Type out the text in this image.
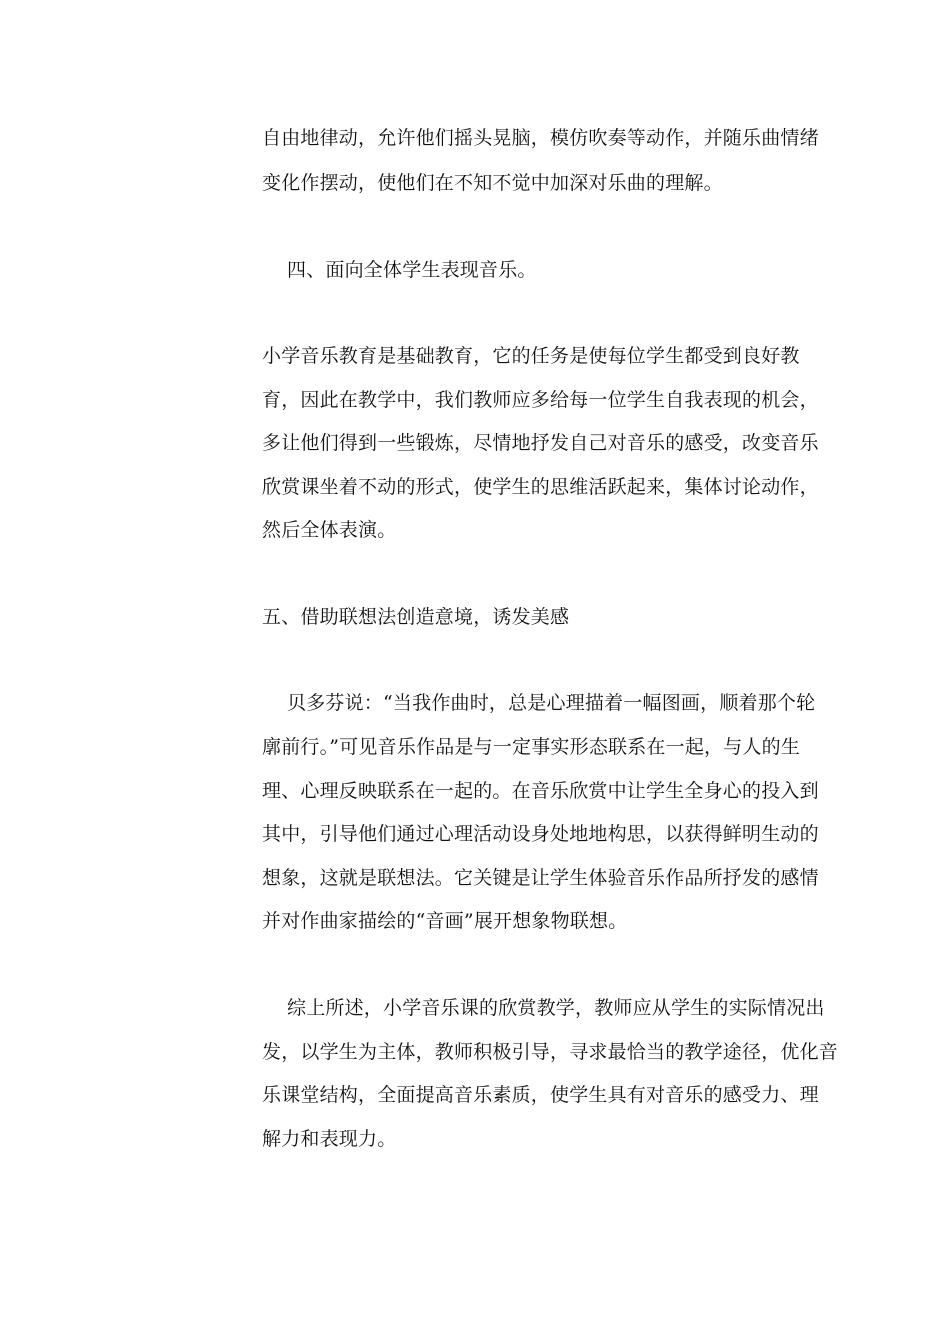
自由地律动，允许他们摇头晃脑，模仿吹奏等动作，并随乐曲情绪
变化作摆动，使他们在不知不觉中加深对乐曲的理解。
四、面向全体学生表现音乐。
小学音乐教育是基础教育，它的任务是使每位学生都受到良好教
育，因此在教学中，我们教师应多给每一位学生自我表现的机会，
多让他们得到一些锻炼，尽情地抒发自己对音乐的感受，改变音乐
欣赏课坐着不动的形式，使学生的思维活跃起来，集体讨论动作，
然后全体表演。
五、借助联想法创造意境，诱发美感
贝多芬说：“当我作曲时，总是心理描着一幅图画，顺着那个轮
廓前行。”可见音乐作品是与一定事实形态联系在一起，与人的生
理、心理反映联系在一起的。在音乐欣赏中让学生全身心的投入到
其中，引导他们通过心理活动设身处地地构思，以获得鲜明生动的
想象，这就是联想法。它关键是让学生体验音乐作品所抒发的感情
并对作曲家描绘的“音画”展开想象物联想。
综上所述，小学音乐课的欣赏教学，教师应从学生的实际情况出
发，以学生为主体，教师积极引导，寻求最恰当的教学途径，优化音
乐课堂结构，全面提高音乐素质，使学生具有对音乐的感受力、理
解力和表现力。
